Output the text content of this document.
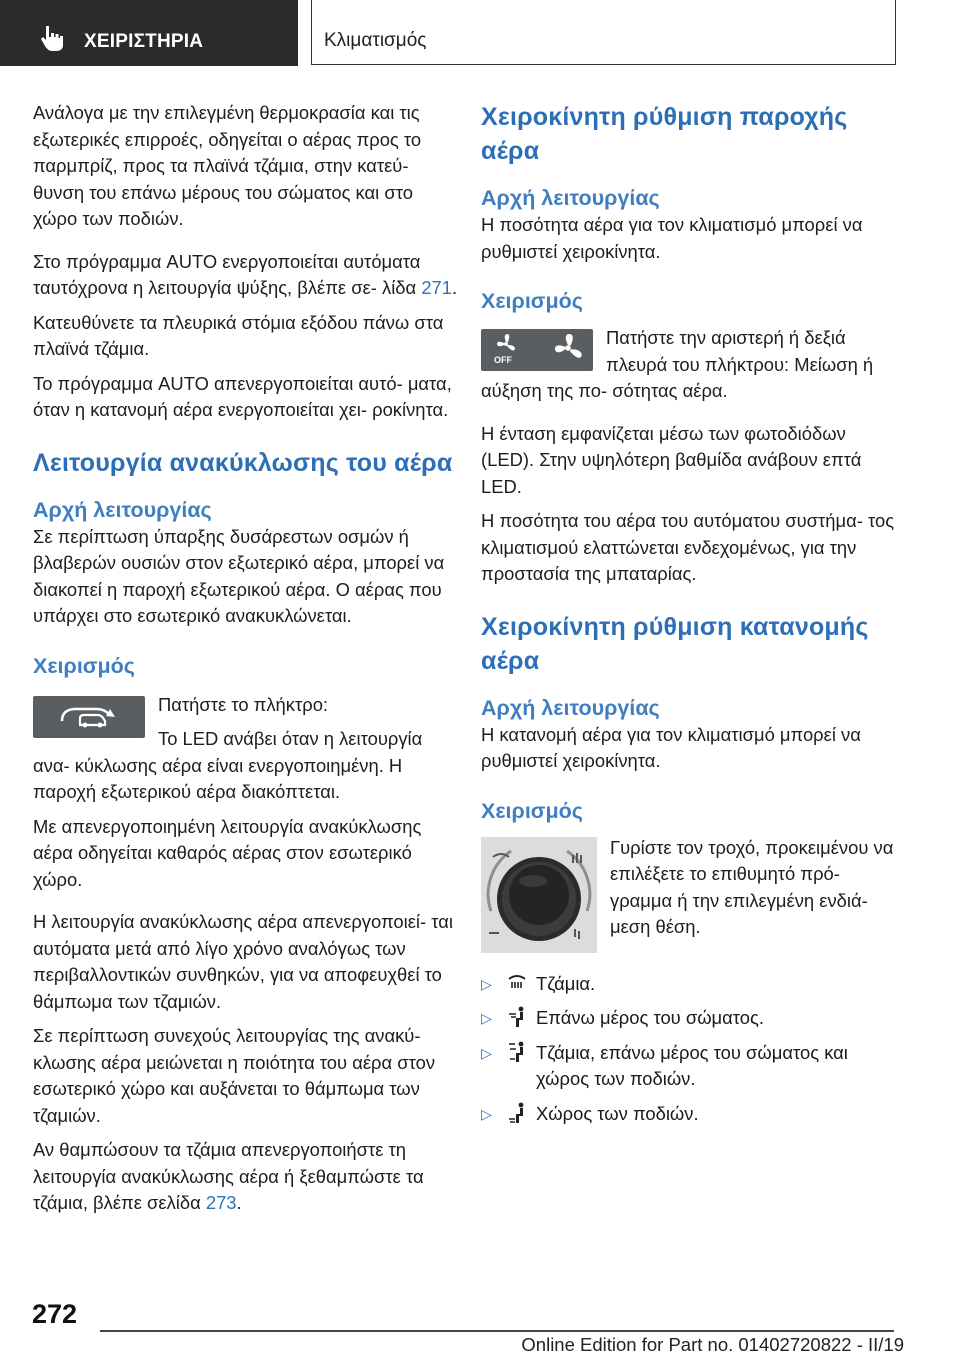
ΧΕΙΡΙΣΤΗΡΙΑ	Κλιματισμός

Ανάλογα με την επιλεγμένη θερμοκρασία και τις εξωτερικές επιρροές, οδηγείται ο αέρας προς το παρμπρίζ, προς τα πλαϊνά τζάμια, στην κατεύ- θυνση του επάνω μέρους του σώματος και στο χώρο των ποδιών.

Στο πρόγραμμα AUTO ενεργοποιείται αυτόματα ταυτόχρονα η λειτουργία ψύξης, βλέπε σε- λίδα 271.

Κατευθύνετε τα πλευρικά στόμια εξόδου πάνω στα πλαϊνά τζάμια.

Το πρόγραμμα AUTO απενεργοποιείται αυτό- ματα, όταν η κατανομή αέρα ενεργοποιείται χει- ροκίνητα.

Λειτουργία ανακύκλωσης του αέρα
Αρχή λειτουργίας

Σε περίπτωση ύπαρξης δυσάρεστων οσμών ή βλαβερών ουσιών στον εξωτερικό αέρα, μπορεί να διακοπεί η παροχή εξωτερικού αέρα. Ο αέρας που υπάρχει στο εσωτερικό ανακυκλώνεται.

Χειρισμός

Πατήστε το πλήκτρο:

Το LED ανάβει όταν η λειτουργία ανα- κύκλωσης αέρα είναι ενεργοποιημένη. Η παροχή εξωτερικού αέρα διακόπτεται.

Με απενεργοποιημένη λειτουργία ανακύκλωσης αέρα οδηγείται καθαρός αέρας στον εσωτερικό χώρο.

Η λειτουργία ανακύκλωσης αέρα απενεργοποιεί- ται αυτόματα μετά από λίγο χρόνο αναλόγως των περιβαλλοντικών συνθηκών, για να αποφευχθεί το θάμπωμα των τζαμιών.

Σε περίπτωση συνεχούς λειτουργίας της ανακύ- κλωσης αέρα μειώνεται η ποιότητα του αέρα στον εσωτερικό χώρο και αυξάνεται το θάμπωμα των τζαμιών.

Αν θαμπώσουν τα τζάμια απενεργοποιήστε τη λειτουργία ανακύκλωσης αέρα ή ξεθαμπώστε τα τζάμια, βλέπε σελίδα 273.

Χειροκίνητη ρύθμιση παροχής αέρα
Αρχή λειτουργίας

Η ποσότητα αέρα για τον κλιματισμό μπορεί να ρυθμιστεί χειροκίνητα.

Χειρισμός
OFF

Πατήστε την αριστερή ή δεξιά πλευρά του πλήκτρου: Μείωση ή αύξηση της πο- σότητας αέρα.

Η ένταση εμφανίζεται μέσω των φωτοδιόδων (LED). Στην υψηλότερη βαθμίδα ανάβουν επτά LED.

Η ποσότητα του αέρα του αυτόματου συστήμα- τος κλιματισμού ελαττώνεται ενδεχομένως, για την προστασία της μπαταρίας.

Χειροκίνητη ρύθμιση κατανομής αέρα
Αρχή λειτουργίας

Η κατανομή αέρα για τον κλιματισμό μπορεί να ρυθμιστεί χειροκίνητα.

Χειρισμός

Γυρίστε τον τροχό, προκειμένου να επιλέξετε το επιθυμητό πρό- γραμμα ή την επιλεγμένη ενδιά- μεση θέση.

▷ Τζάμια.
▷ Επάνω μέρος του σώματος.
▷ Τζάμια, επάνω μέρος του σώματος και χώρος των ποδιών.
▷ Χώρος των ποδιών.
272
Online Edition for Part no. 01402720822 - II/19
